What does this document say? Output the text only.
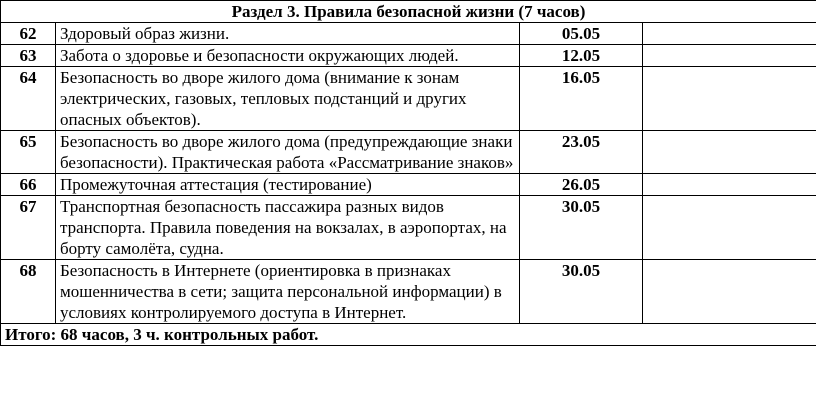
Раздел 3. Правила безопасной жизни (7 часов)			
62	Здоровый образ жизни.	05.05	
63	Забота о здоровье и безопасности окружающих людей.	12.05	
64	Безопасность во дворе жилого дома (внимание к зонам электрических, газовых, тепловых подстанций и других опасных объектов).	16.05	
65	Безопасность во дворе жилого дома (предупреждающие знаки безопасности). Практическая работа «Рассматривание знаков»	23.05	
66	Промежуточная аттестация (тестирование)	26.05	
67	Транспортная безопасность пассажира разных видов транспорта. Правила поведения на вокзалах, в аэропортах, на борту самолёта, судна.	30.05	
68	Безопасность в Интернете (ориентировка в признаках мошенничества в сети; защита персональной информации) в условиях контролируемого доступа в Интернет.	30.05	
Итого: 68 часов, 3 ч. контрольных работ.			
